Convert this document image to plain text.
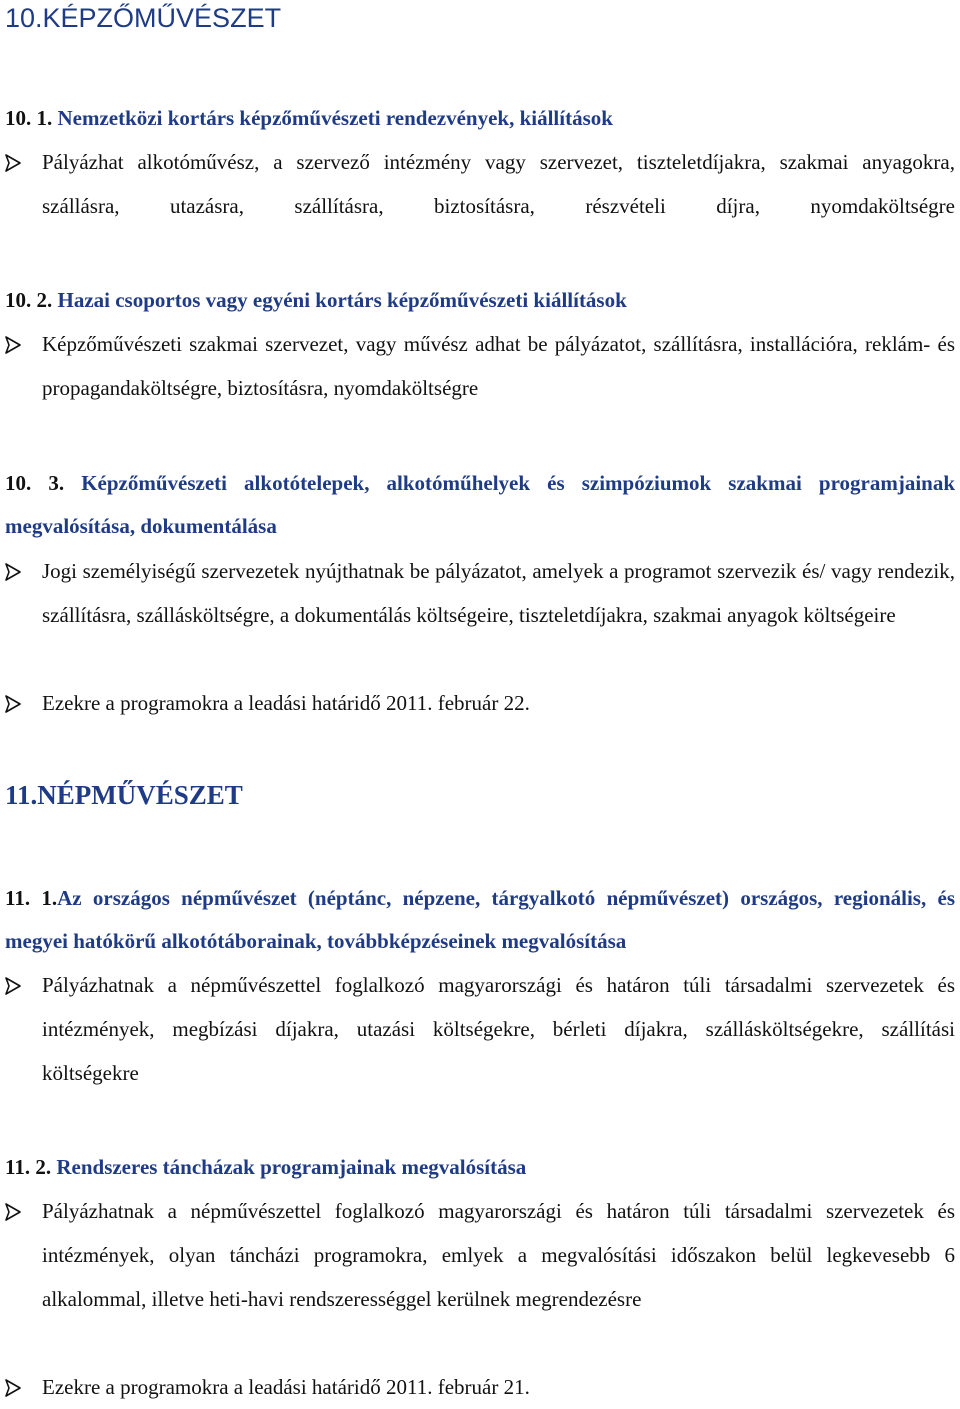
10.KÉPZŐMŰVÉSZET
10. 1. Nemzetközi kortárs képzőművészeti rendezvények, kiállítások
Pályázhat alkotóművész, a szervező intézmény vagy szervezet, tiszteletdíjakra, szakmai anyagokra, szállásra, utazásra, szállításra, biztosításra, részvételi díjra, nyomdaköltségre
10. 2. Hazai csoportos vagy egyéni kortárs képzőművészeti kiállítások
Képzőművészeti szakmai szervezet, vagy művész adhat be pályázatot, szállításra, installációra, reklám- és propagandaköltségre, biztosításra, nyomdaköltségre
10. 3. Képzőművészeti alkotótelepek, alkotóműhelyek és szimpóziumok szakmai programjainak megvalósítása, dokumentálása
Jogi személyiségű szervezetek nyújthatnak be pályázatot, amelyek a programot szervezik és/ vagy rendezik, szállításra, szállásköltségre, a dokumentálás költségeire, tiszteletdíjakra, szakmai anyagok költségeire
Ezekre a programokra a leadási határidő 2011. február 22.
11.NÉPMŰVÉSZET
11. 1.Az országos népművészet (néptánc, népzene, tárgyalkotó népművészet) országos, regionális, és megyei hatókörű alkotótáborainak, továbbképzéseinek megvalósítása
Pályázhatnak a népművészettel foglalkozó magyarországi és határon túli társadalmi szervezetek és intézmények, megbízási díjakra, utazási költségekre, bérleti díjakra, szállásköltségekre, szállítási költségekre
11. 2. Rendszeres táncházak programjainak megvalósítása
Pályázhatnak a népművészettel foglalkozó magyarországi és határon túli társadalmi szervezetek és intézmények, olyan táncházi programokra, emlyek a megvalósítási időszakon belül legkevesebb 6 alkalommal, illetve heti-havi rendszerességgel kerülnek megrendezésre
Ezekre a programokra a leadási határidő 2011. február 21.
